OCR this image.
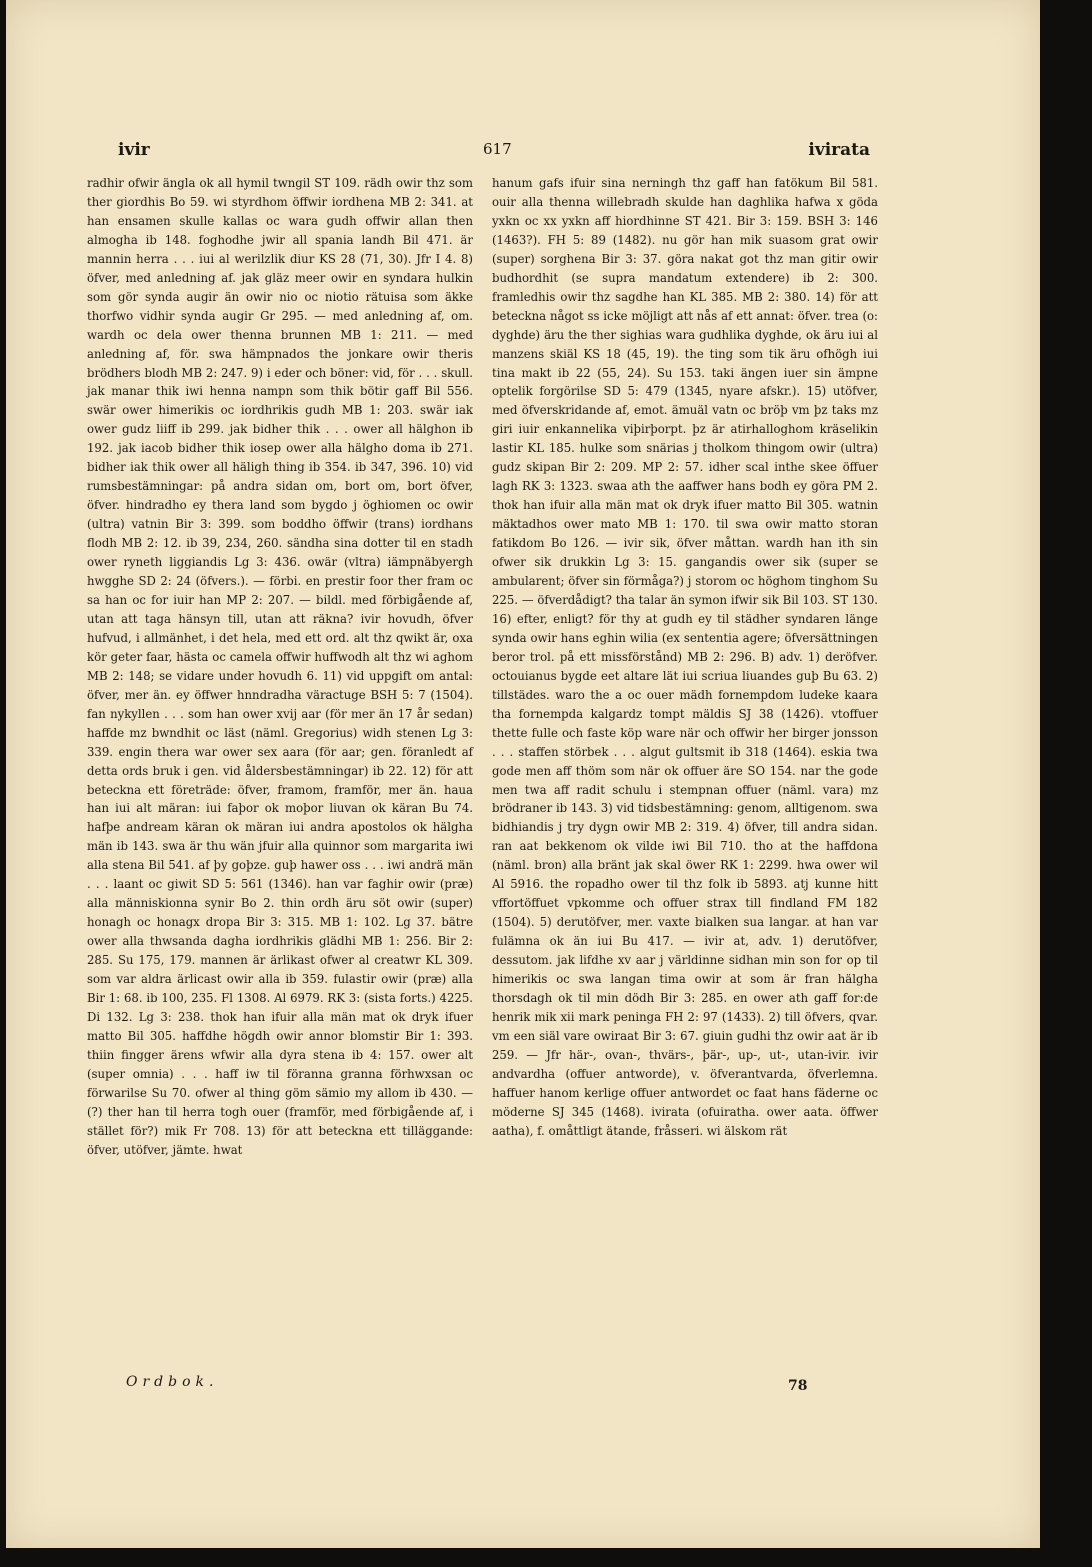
ivir	617	ivirata

radhir ofwir ängla ok all hymil twngil ST 109. rädh owir thz som ther giordhis Bo 59. wi styrdhom öffwir iordhena MB 2: 341. at han ensamen skulle kallas oc wara gudh offwir allan then almogha ib 148. foghodhe jwir all spania landh Bil 471. är mannin herra . . . iui al werilzlik diur KS 28 (71, 30). Jfr I 4. 8) öfver, med anledning af. jak gläz meer owir en syndara hulkin som gör synda augir än owir nio oc niotio rätuisa som äkke thorfwo vidhir synda augir Gr 295. — med anledning af, om. wardh oc dela ower thenna brunnen MB 1: 211. — med anledning af, för. swa hämpnados the jonkare owir theris brödhers blodh MB 2: 247. 9) i eder och böner: vid, för . . . skull. jak manar thik iwi henna nampn som thik bötir gaff Bil 556. swär ower himerikis oc iordhrikis gudh MB 1: 203. swär iak ower gudz liiff ib 299. jak bidher thik . . . ower all hälghon ib 192. jak iacob bidher thik iosep ower alla hälgho doma ib 271. bidher iak thik ower all häligh thing ib 354. ib 347, 396. 10) vid rumsbestämningar: på andra sidan om, bort om, bort öfver, öfver. hindradho ey thera land som bygdo j öghiomen oc owir (ultra) vatnin Bir 3: 399. som boddho öffwir (trans) iordhans flodh MB 2: 12. ib 39, 234, 260. sändha sina dotter til en stadh ower ryneth liggiandis Lg 3: 436. owär (vltra) iämpnäbyergh hwgghe SD 2: 24 (öfvers.). — förbi. en prestir foor ther fram oc sa han oc for iuir han MP 2: 207. — bildl. med förbigående af, utan att taga hänsyn till, utan att räkna? ivir hovudh, öfver hufvud, i allmänhet, i det hela, med ett ord. alt thz qwikt är, oxa kör geter faar, hästa oc camela offwir huffwodh alt thz wi aghom MB 2: 148; se vidare under hovudh 6. 11) vid uppgift om antal: öfver, mer än. ey öffwer hnndradha väractuge BSH 5: 7 (1504). fan nykyllen . . . som han ower xvij aar (för mer än 17 år sedan) haffde mz bwndhit oc läst (näml. Gregorius) widh stenen Lg 3: 339. engin thera war ower sex aara (för aar; gen. föranledt af detta ords bruk i gen. vid åldersbestämningar) ib 22. 12) för att beteckna ett företräde: öfver, framom, framför, mer än. haua han iui alt märan: iui faþor ok moþor liuvan ok käran Bu 74. hafþe andream käran ok märan iui andra apostolos ok hälgha män ib 143. swa är thu wän jfuir alla quinnor som margarita iwi alla stena Bil 541. af þy goþze. guþ hawer oss . . . iwi andrä män . . . laant oc giwit SD 5: 561 (1346). han var faghir owir (præ) alla människionna synir Bo 2. thin ordh äru söt owir (super) honagh oc honagx dropa Bir 3: 315. MB 1: 102. Lg 37. bätre ower alla thwsanda dagha iordhrikis glädhi MB 1: 256. Bir 2: 285. Su 175, 179. mannen är ärlikast ofwer al creatwr KL 309. som var aldra ärlicast owir alla ib 359. fulastir owir (præ) alla Bir 1: 68. ib 100, 235. Fl 1308. Al 6979. RK 3: (sista forts.) 4225. Di 132. Lg 3: 238. thok han ifuir alla män mat ok dryk ifuer matto Bil 305. haffdhe högdh owir annor blomstir Bir 1: 393. thiin fingger ärens wfwir alla dyra stena ib 4: 157. ower alt (super omnia) . . . haff iw til föranna granna förhwxsan oc förwarilse Su 70. ofwer al thing göm sämio my allom ib 430. — (?) ther han til herra togh ouer (framför, med förbigående af, i stället för?) mik Fr 708. 13) för att beteckna ett tilläggande: öfver, utöfver, jämte. hwat

hanum gafs ifuir sina nerningh thz gaff han fatökum Bil 581. ouir alla thenna willebradh skulde han daghlika hafwa x göda yxkn oc xx yxkn aff hiordhinne ST 421. Bir 3: 159. BSH 3: 146 (1463?). FH 5: 89 (1482). nu gör han mik suasom grat owir (super) sorghena Bir 3: 37. göra nakat got thz man gitir owir budhordhit (se supra mandatum extendere) ib 2: 300. framledhis owir thz sagdhe han KL 385. MB 2: 380. 14) för att beteckna något ss icke möjligt att nås af ett annat: öfver. trea (o: dyghde) äru the ther sighias wara gudhlika dyghde, ok äru iui al manzens skiäl KS 18 (45, 19). the ting som tik äru ofhögh iui tina makt ib 22 (55, 24). Su 153. taki ängen iuer sin ämpne optelik forgörilse SD 5: 479 (1345, nyare afskr.). 15) utöfver, med öfverskridande af, emot. ämuäl vatn oc bröþ vm þz taks mz giri iuir enkannelika viþirþorpt. þz är atirhalloghom kräselikin lastir KL 185. hulke som snärias j tholkom thingom owir (ultra) gudz skipan Bir 2: 209. MP 2: 57. idher scal inthe skee öffuer lagh RK 3: 1323. swaa ath the aaffwer hans bodh ey göra PM 2. thok han ifuir alla män mat ok dryk ifuer matto Bil 305. watnin mäktadhos ower mato MB 1: 170. til swa owir matto storan fatikdom Bo 126. — ivir sik, öfver måttan. wardh han ith sin ofwer sik drukkin Lg 3: 15. gangandis ower sik (super se ambularent; öfver sin förmåga?) j storom oc höghom tinghom Su 225. — öfverdådigt? tha talar än symon ifwir sik Bil 103. ST 130. 16) efter, enligt? för thy at gudh ey til städher syndaren länge synda owir hans eghin wilia (ex sententia agere; öfversättningen beror trol. på ett missförstånd) MB 2: 296. B) adv. 1) deröfver. octouianus bygde eet altare lät iui scriua liuandes guþ Bu 63. 2) tillstädes. waro the a oc ouer mädh fornempdom ludeke kaara tha fornempda kalgardz tompt mäldis SJ 38 (1426). vtoffuer thette fulle och faste köp ware när och offwir her birger jonsson . . . staffen störbek . . . algut gultsmit ib 318 (1464). eskia twa gode men aff thöm som när ok offuer äre SO 154. nar the gode men twa aff radit schulu i stempnan offuer (näml. vara) mz brödraner ib 143. 3) vid tidsbestämning: genom, alltigenom. swa bidhiandis j try dygn owir MB 2: 319. 4) öfver, till andra sidan. ran aat bekkenom ok vilde iwi Bil 710. tho at the haffdona (näml. bron) alla bränt jak skal öwer RK 1: 2299. hwa ower wil Al 5916. the ropadho ower til thz folk ib 5893. atj kunne hitt vffortöffuet vpkomme och offuer strax till findland FM 182 (1504). 5) derutöfver, mer. vaxte bialken sua langar. at han var fulämna ok än iui Bu 417. — ivir at, adv. 1) derutöfver, dessutom. jak lifdhe xv aar j världinne sidhan min son for op til himerikis oc swa langan tima owir at som är fran hälgha thorsdagh ok til min dödh Bir 3: 285. en ower ath gaff for:de henrik mik xii mark peninga FH 2: 97 (1433). 2) till öfvers, qvar. vm een siäl vare owiraat Bir 3: 67. giuin gudhi thz owir aat är ib 259. — Jfr här-, ovan-, thvärs-, þär-, up-, ut-, utan-ivir. ivir andvardha (offuer antworde), v. öfverantvarda, öfverlemna. haffuer hanom kerlige offuer antwordet oc faat hans fäderne oc möderne SJ 345 (1468). ivirata (ofuiratha. ower aata. öffwer aatha), f. omåttligt ätande, fråsseri. wi älskom rät

Ordbok.	78
